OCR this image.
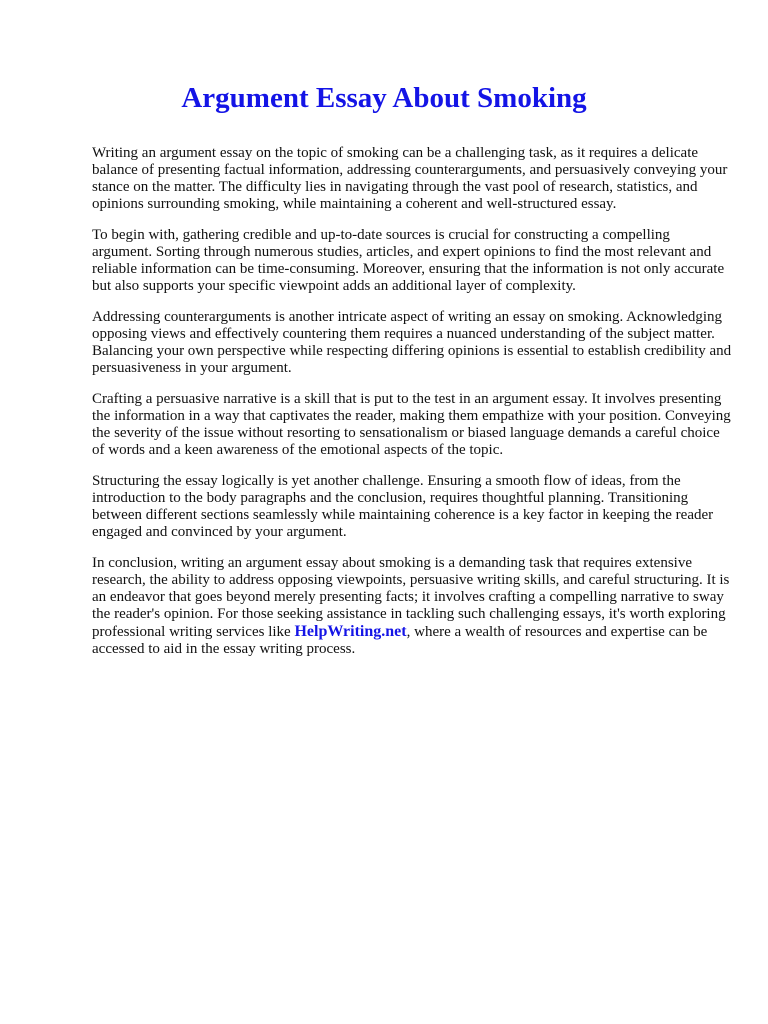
Argument Essay About Smoking

Writing an argument essay on the topic of smoking can be a challenging task, as it requires a delicate balance of presenting factual information, addressing counterarguments, and persuasively conveying your stance on the matter. The difficulty lies in navigating through the vast pool of research, statistics, and opinions surrounding smoking, while maintaining a coherent and well-structured essay.

To begin with, gathering credible and up-to-date sources is crucial for constructing a compelling argument. Sorting through numerous studies, articles, and expert opinions to find the most relevant and reliable information can be time-consuming. Moreover, ensuring that the information is not only accurate but also supports your specific viewpoint adds an additional layer of complexity.

Addressing counterarguments is another intricate aspect of writing an essay on smoking. Acknowledging opposing views and effectively countering them requires a nuanced understanding of the subject matter. Balancing your own perspective while respecting differing opinions is essential to establish credibility and persuasiveness in your argument.

Crafting a persuasive narrative is a skill that is put to the test in an argument essay. It involves presenting the information in a way that captivates the reader, making them empathize with your position. Conveying the severity of the issue without resorting to sensationalism or biased language demands a careful choice of words and a keen awareness of the emotional aspects of the topic.

Structuring the essay logically is yet another challenge. Ensuring a smooth flow of ideas, from the introduction to the body paragraphs and the conclusion, requires thoughtful planning. Transitioning between different sections seamlessly while maintaining coherence is a key factor in keeping the reader engaged and convinced by your argument.

In conclusion, writing an argument essay about smoking is a demanding task that requires extensive research, the ability to address opposing viewpoints, persuasive writing skills, and careful structuring. It is an endeavor that goes beyond merely presenting facts; it involves crafting a compelling narrative to sway the reader's opinion. For those seeking assistance in tackling such challenging essays, it's worth exploring professional writing services like HelpWriting.net, where a wealth of resources and expertise can be accessed to aid in the essay writing process.
